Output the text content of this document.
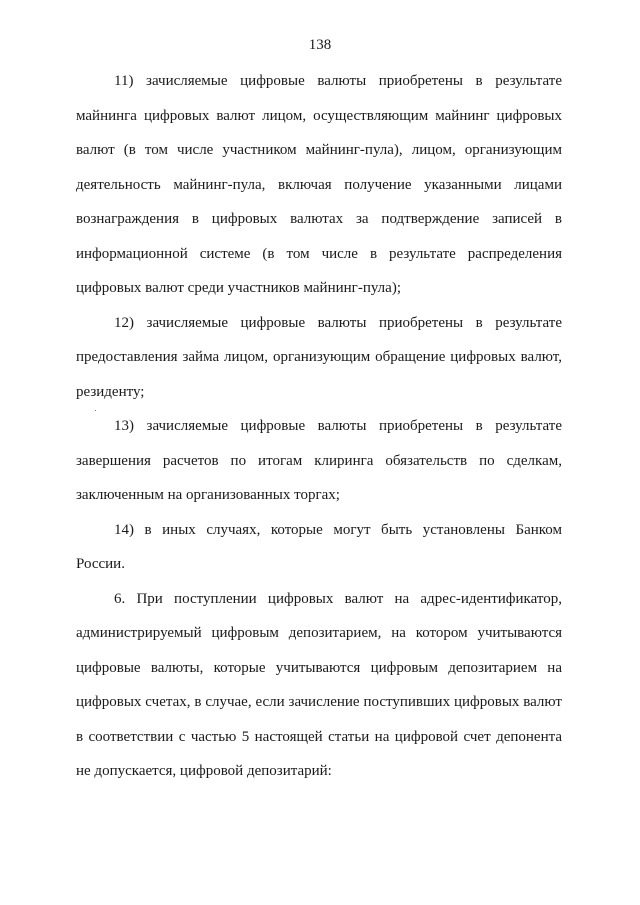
138
11) зачисляемые цифровые валюты приобретены в результате
майнинга цифровых валют лицом, осуществляющим майнинг цифровых
валют (в том числе участником майнинг-пула), лицом, организующим
деятельность майнинг-пула, включая получение указанными лицами
вознаграждения в цифровых валютах за подтверждение записей в
информационной системе (в том числе в результате распределения
цифровых валют среди участников майнинг-пула);
12) зачисляемые цифровые валюты приобретены в результате
предоставления займа лицом, организующим обращение цифровых валют,
резиденту;
13) зачисляемые цифровые валюты приобретены в результате
завершения расчетов по итогам клиринга обязательств по сделкам,
заключенным на организованных торгах;
14) в иных случаях, которые могут быть установлены Банком
России.
6. При поступлении цифровых валют на адрес-идентификатор,
администрируемый цифровым депозитарием, на котором учитываются
цифровые валюты, которые учитываются цифровым депозитарием на
цифровых счетах, в случае, если зачисление поступивших цифровых валют
в соответствии с частью 5 настоящей статьи на цифровой счет депонента
не допускается, цифровой депозитарий:
